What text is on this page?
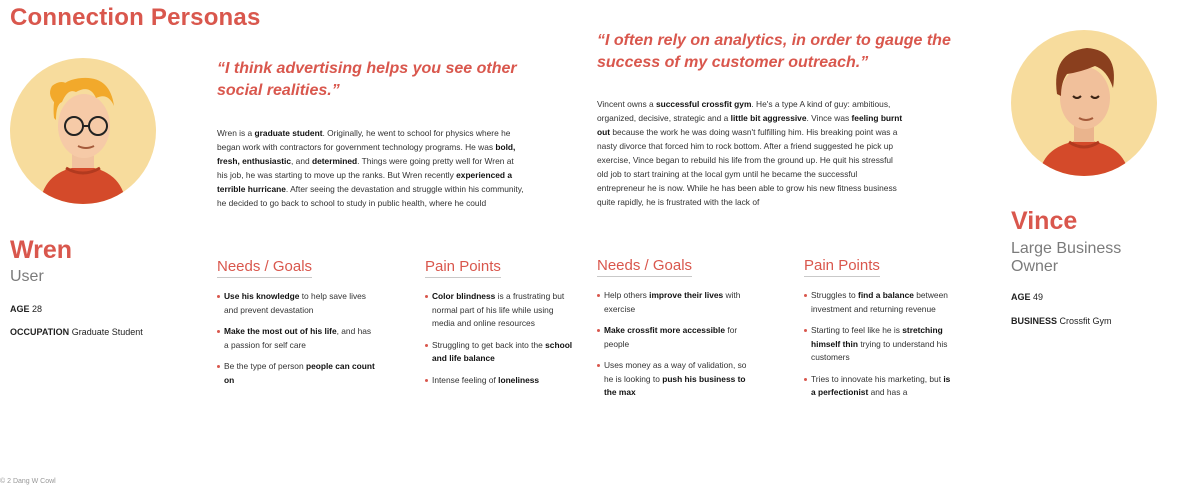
Connection Personas
Wren
User
AGE 28
OCCUPATION Graduate Student
“I think advertising helps you see other social realities.”
Wren is a graduate student. Originally, he went to school for physics where he began work with contractors for government technology programs. He was bold, fresh, enthusiastic, and determined. Things were going pretty well for Wren at his job, he was starting to move up the ranks. But Wren recently experienced a terrible hurricane. After seeing the devastation and struggle within his community, he decided to go back to school to study in public health, where he could
Needs / Goals
Use his knowledge to help save lives and prevent devastation
Make the most out of his life, and has a passion for self care
Be the type of person people can count on
Pain Points
Color blindness is a frustrating but normal part of his life while using media and online resources
Struggling to get back into the school and life balance
Intense feeling of loneliness
“I often rely on analytics, in order to gauge the success of my customer outreach.”
Vincent owns a successful crossfit gym. He's a type A kind of guy: ambitious, organized, decisive, strategic and a little bit aggressive. Vince was feeling burnt out because the work he was doing wasn't fulfilling him. His breaking point was a nasty divorce that forced him to rock bottom. After a friend suggested he pick up exercise, Vince began to rebuild his life from the ground up. He quit his stressful old job to start training at the local gym until he became the successful entrepreneur he is now. While he has been able to grow his new fitness business quite rapidly, he is frustrated with the lack of
Needs / Goals
Help others improve their lives with exercise
Make crossfit more accessible for people
Uses money as a way of validation, so he is looking to push his business to the max
Pain Points
Struggles to find a balance between investment and returning revenue
Starting to feel like he is stretching himself thin trying to understand his customers
Tries to innovate his marketing, but is a perfectionist and has a
Vince
Large Business Owner
AGE 49
BUSINESS Crossfit Gym
© 2 Dang W Cowl
